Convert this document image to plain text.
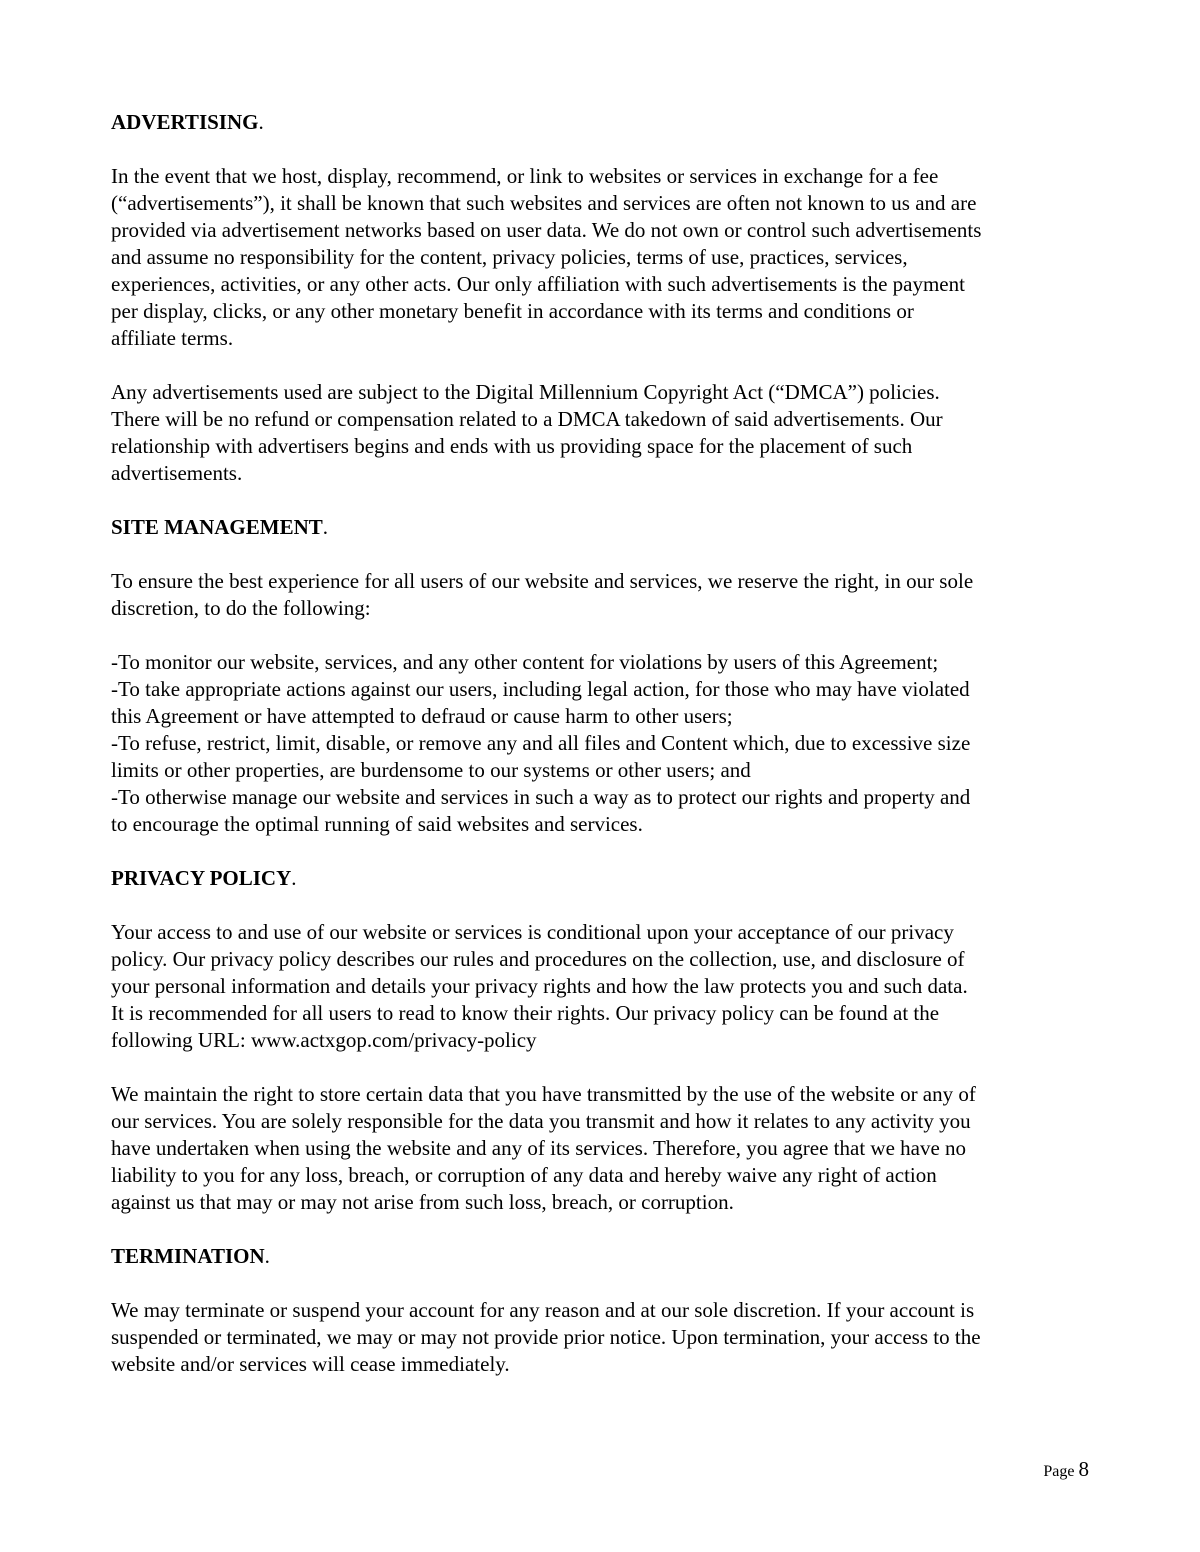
ADVERTISING.

In the event that we host, display, recommend, or link to websites or services in exchange for a fee
(“advertisements”), it shall be known that such websites and services are often not known to us and are
provided via advertisement networks based on user data. We do not own or control such advertisements
and assume no responsibility for the content, privacy policies, terms of use, practices, services,
experiences, activities, or any other acts. Our only affiliation with such advertisements is the payment
per display, clicks, or any other monetary benefit in accordance with its terms and conditions or
affiliate terms.

Any advertisements used are subject to the Digital Millennium Copyright Act (“DMCA”) policies.
There will be no refund or compensation related to a DMCA takedown of said advertisements. Our
relationship with advertisers begins and ends with us providing space for the placement of such
advertisements.

SITE MANAGEMENT.

To ensure the best experience for all users of our website and services, we reserve the right, in our sole
discretion, to do the following:

-To monitor our website, services, and any other content for violations by users of this Agreement;
-To take appropriate actions against our users, including legal action, for those who may have violated
this Agreement or have attempted to defraud or cause harm to other users;
-To refuse, restrict, limit, disable, or remove any and all files and Content which, due to excessive size
limits or other properties, are burdensome to our systems or other users; and
-To otherwise manage our website and services in such a way as to protect our rights and property and
to encourage the optimal running of said websites and services.

PRIVACY POLICY.

Your access to and use of our website or services is conditional upon your acceptance of our privacy
policy. Our privacy policy describes our rules and procedures on the collection, use, and disclosure of
your personal information and details your privacy rights and how the law protects you and such data.
It is recommended for all users to read to know their rights. Our privacy policy can be found at the
following URL: www.actxgop.com/privacy-policy

We maintain the right to store certain data that you have transmitted by the use of the website or any of
our services. You are solely responsible for the data you transmit and how it relates to any activity you
have undertaken when using the website and any of its services. Therefore, you agree that we have no
liability to you for any loss, breach, or corruption of any data and hereby waive any right of action
against us that may or may not arise from such loss, breach, or corruption.

TERMINATION.

We may terminate or suspend your account for any reason and at our sole discretion. If your account is
suspended or terminated, we may or may not provide prior notice. Upon termination, your access to the
website and/or services will cease immediately.

Page 8
